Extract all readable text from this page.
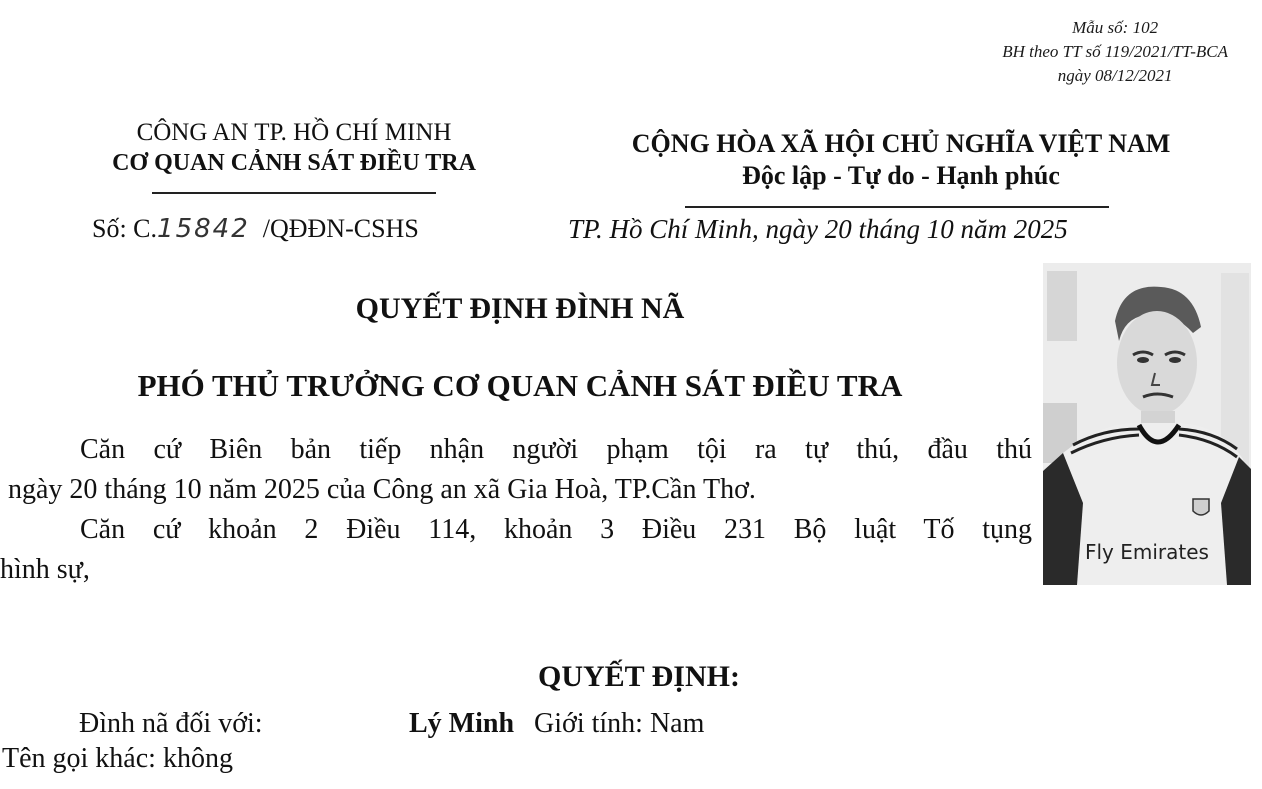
Mẫu số: 102
BH theo TT số 119/2021/TT-BCA
ngày 08/12/2021
CÔNG AN TP. HỒ CHÍ MINH
CƠ QUAN CẢNH SÁT ĐIỀU TRA
Số: C.15842 /QĐĐN-CSHS
CỘNG HÒA XÃ HỘI CHỦ NGHĨA VIỆT NAM
Độc lập - Tự do - Hạnh phúc
TP. Hồ Chí Minh, ngày 20 tháng 10 năm 2025
QUYẾT ĐỊNH ĐÌNH NÃ
PHÓ THỦ TRƯỞNG CƠ QUAN CẢNH SÁT ĐIỀU TRA

Căn cứ Biên bản tiếp nhận người phạm tội ra tự thú, đầu thú

ngày 20 tháng 10 năm 2025 của Công an xã Gia Hoà, TP.Cần Thơ.

Căn cứ khoản 2 Điều 114, khoản 3 Điều 231 Bộ luật Tố tụng

hình sự,

Fly Emirates
QUYẾT ĐỊNH:
Đình nã đối với:	Lý Minh Giới tính: Nam
Tên gọi khác: không
